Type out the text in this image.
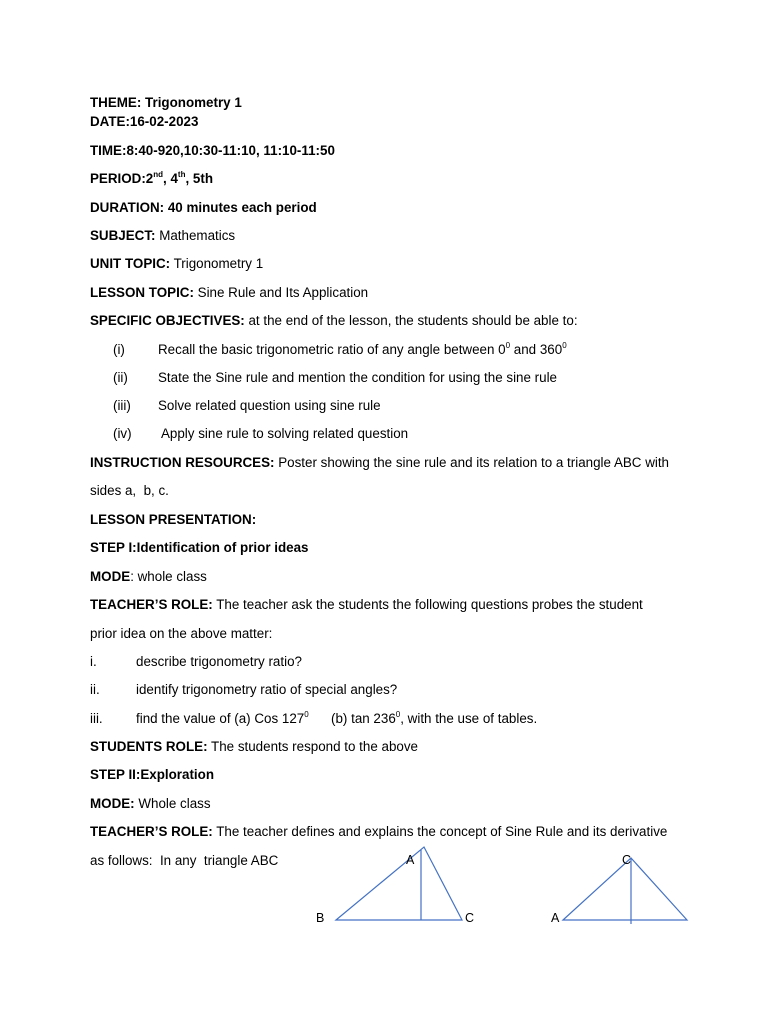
THEME: Trigonometry 1
DATE:16-02-2023
TIME:8:40-920,10:30-11:10, 11:10-11:50
PERIOD:2nd, 4th, 5th
DURATION: 40 minutes each period
SUBJECT: Mathematics
UNIT TOPIC: Trigonometry 1
LESSON TOPIC: Sine Rule and Its Application
SPECIFIC OBJECTIVES: at the end of the lesson, the students should be able to:
(i) Recall the basic trigonometric ratio of any angle between $0^0$ and $360^0$
(ii) State the Sine rule and mention the condition for using the sine rule
(iii) Solve related question using sine rule
(iv) Apply sine rule to solving related question
INSTRUCTION RESOURCES: Poster showing the sine rule and its relation to a triangle ABC with
sides a,  b, c.
LESSON PRESENTATION:
STEP I:Identification of prior ideas
MODE: whole class
TEACHER’S ROLE: The teacher ask the students the following questions probes the student
prior idea on the above matter:
i.	describe trigonometry ratio?
ii.	identify trigonometry ratio of special angles?
iii. find the value of (a) Cos $127^0$      (b) $\tan 236^0$, with the use of tables.
STUDENTS ROLE: The students respond to the above
STEP II:Exploration
MODE: Whole class
TEACHER’S ROLE: The teacher defines and explains the concept of Sine Rule and its derivative
as follows:  In any  triangle ABC	A
B	C
C
A
